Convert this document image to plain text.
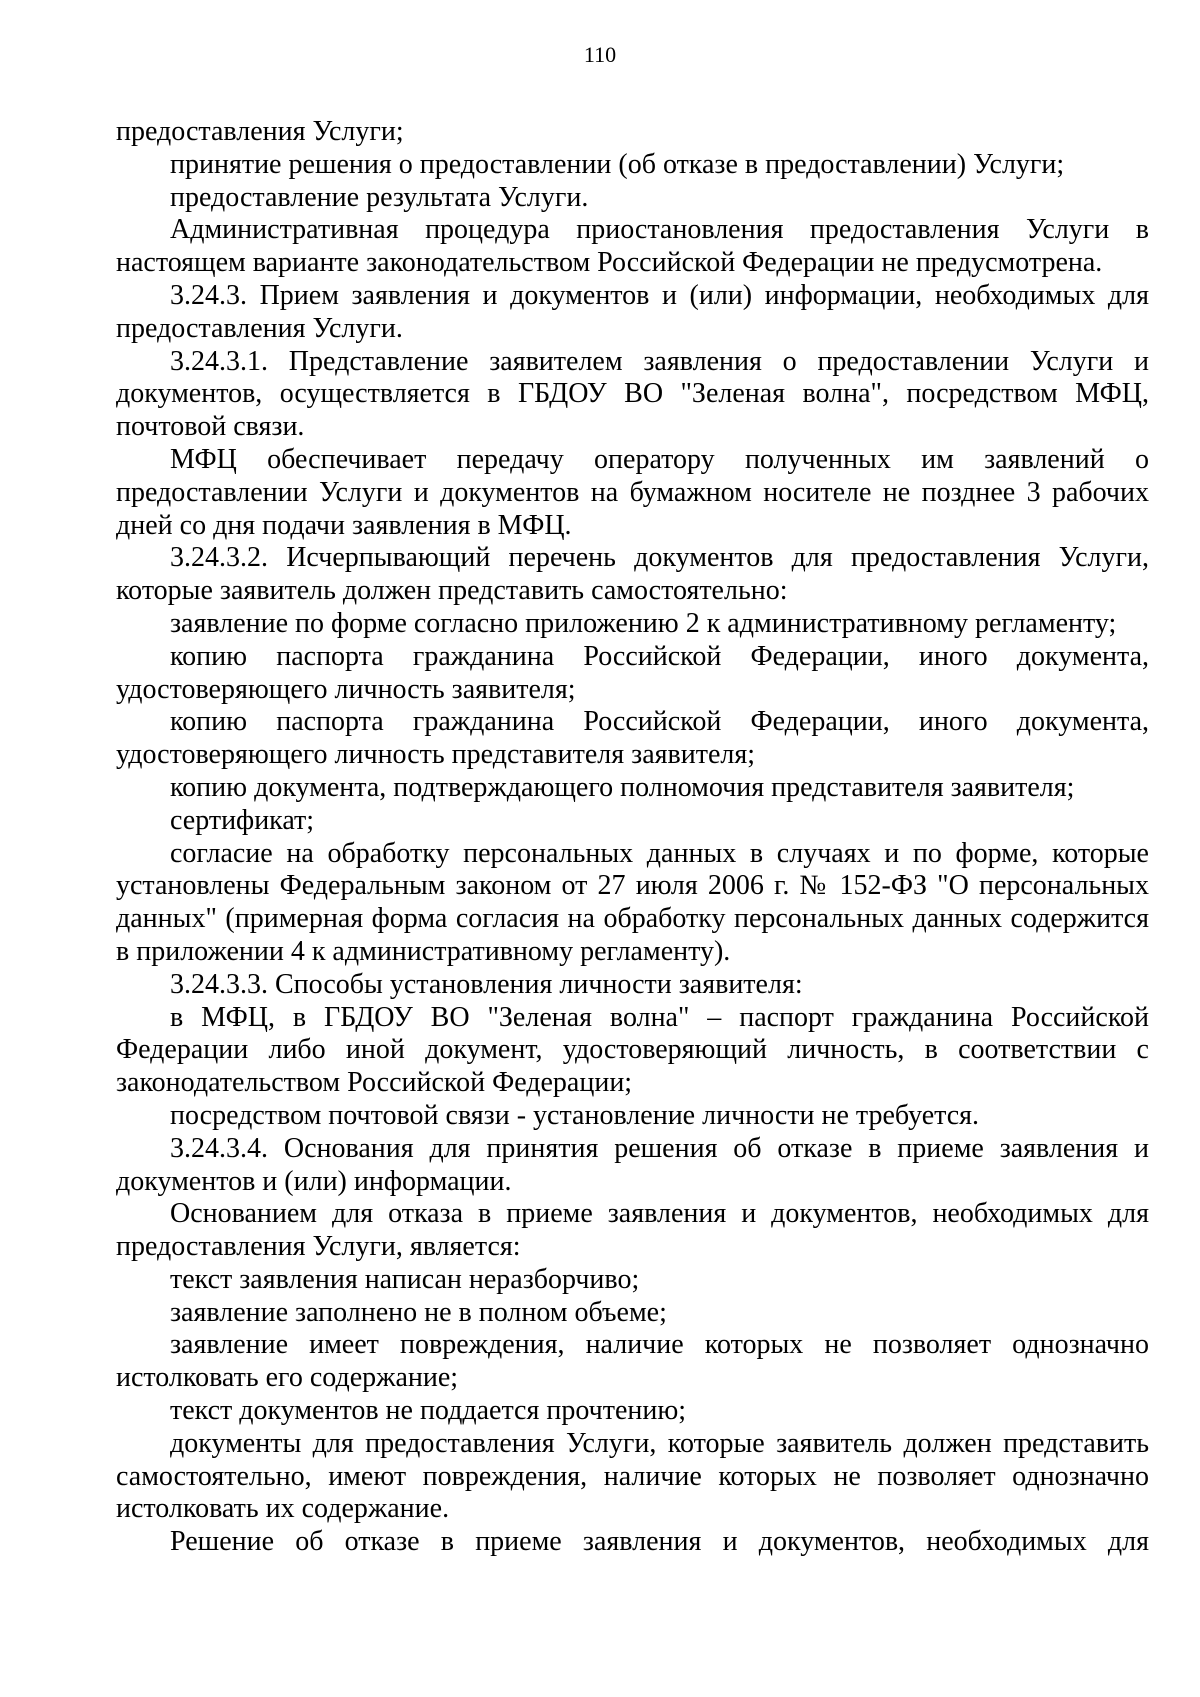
110

предоставления Услуги;

принятие решения о предоставлении (об отказе в предоставлении) Услуги;

предоставление результата Услуги.

Административная процедура приостановления предоставления Услуги в настоящем варианте законодательством Российской Федерации не предусмотрена.

3.24.3. Прием заявления и документов и (или) информации, необходимых для предоставления Услуги.

3.24.3.1. Представление заявителем заявления о предоставлении Услуги и документов, осуществляется в ГБДОУ ВО "Зеленая волна", посредством МФЦ, почтовой связи.

МФЦ обеспечивает передачу оператору полученных им заявлений о предоставлении Услуги и документов на бумажном носителе не позднее 3 рабочих дней со дня подачи заявления в МФЦ.

3.24.3.2. Исчерпывающий перечень документов для предоставления Услуги, которые заявитель должен представить самостоятельно:

заявление по форме согласно приложению 2 к административному регламенту;

копию паспорта гражданина Российской Федерации, иного документа, удостоверяющего личность заявителя;

копию паспорта гражданина Российской Федерации, иного документа, удостоверяющего личность представителя заявителя;

копию документа, подтверждающего полномочия представителя заявителя;

сертификат;

согласие на обработку персональных данных в случаях и по форме, которые установлены Федеральным законом от 27 июля 2006 г. № 152-ФЗ "О персональных данных" (примерная форма согласия на обработку персональных данных содержится в приложении 4 к административному регламенту).

3.24.3.3. Способы установления личности заявителя:

в МФЦ, в ГБДОУ ВО "Зеленая волна" – паспорт гражданина Российской Федерации либо иной документ, удостоверяющий личность, в соответствии с законодательством Российской Федерации;

посредством почтовой связи - установление личности не требуется.

3.24.3.4. Основания для принятия решения об отказе в приеме заявления и документов и (или) информации.

Основанием для отказа в приеме заявления и документов, необходимых для предоставления Услуги, является:

текст заявления написан неразборчиво;

заявление заполнено не в полном объеме;

заявление имеет повреждения, наличие которых не позволяет однозначно истолковать его содержание;

текст документов не поддается прочтению;

документы для предоставления Услуги, которые заявитель должен представить самостоятельно, имеют повреждения, наличие которых не позволяет однозначно истолковать их содержание.

Решение об отказе в приеме заявления и документов, необходимых для
